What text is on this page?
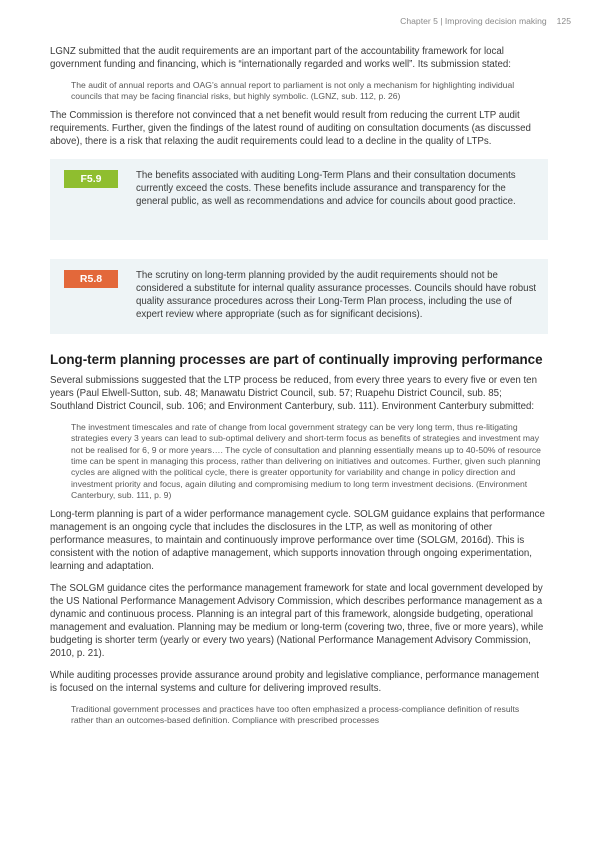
Chapter 5 | Improving decision making 125

LGNZ submitted that the audit requirements are an important part of the accountability framework for local government funding and financing, which is “internationally regarded and works well”. Its submission stated:

The audit of annual reports and OAG’s annual report to parliament is not only a mechanism for highlighting individual councils that may be facing financial risks, but highly symbolic. (LGNZ, sub. 112, p. 26)

The Commission is therefore not convinced that a net benefit would result from reducing the current LTP audit requirements. Further, given the findings of the latest round of auditing on consultation documents (as discussed above), there is a risk that relaxing the audit requirements could lead to a decline in the quality of LTPs.

F5.9	The benefits associated with auditing Long-Term Plans and their consultation documents currently exceed the costs. These benefits include assurance and transparency for the general public, as well as recommendations and advice for councils about good practice.

R5.8	The scrutiny on long-term planning provided by the audit requirements should not be considered a substitute for internal quality assurance processes. Councils should have robust quality assurance procedures across their Long-Term Plan process, including the use of expert review where appropriate (such as for significant decisions).

Long-term planning processes are part of continually improving performance

Several submissions suggested that the LTP process be reduced, from every three years to every five or even ten years (Paul Elwell-Sutton, sub. 48; Manawatu District Council, sub. 57; Ruapehu District Council, sub. 85; Southland District Council, sub. 106; and Environment Canterbury, sub. 111). Environment Canterbury submitted:

The investment timescales and rate of change from local government strategy can be very long term, thus re-litigating strategies every 3 years can lead to sub-optimal delivery and short-term focus as benefits of strategies and investment may not be realised for 6, 9 or more years…. The cycle of consultation and planning essentially means up to 40-50% of resource time can be spent in managing this process, rather than delivering on initiatives and outcomes. Further, given such planning cycles are aligned with the political cycle, there is greater opportunity for variability and change in policy direction and investment priority and focus, again diluting and compromising medium to long term investment decisions. (Environment Canterbury, sub. 111, p. 9)

Long-term planning is part of a wider performance management cycle. SOLGM guidance explains that performance management is an ongoing cycle that includes the disclosures in the LTP, as well as monitoring of other performance measures, to maintain and continuously improve performance over time (SOLGM, 2016d). This is consistent with the notion of adaptive management, which supports innovation through ongoing experimentation, learning and adaptation.

The SOLGM guidance cites the performance management framework for state and local government developed by the US National Performance Management Advisory Commission, which describes performance management as a dynamic and continuous process. Planning is an integral part of this framework, alongside budgeting, operational management and evaluation. Planning may be medium or long-term (covering two, three, five or more years), while budgeting is shorter term (yearly or every two years) (National Performance Management Advisory Commission, 2010, p. 21).

While auditing processes provide assurance around probity and legislative compliance, performance management is focused on the internal systems and culture for delivering improved results.

Traditional government processes and practices have too often emphasized a process-compliance definition of results rather than an outcomes-based definition. Compliance with prescribed processes
